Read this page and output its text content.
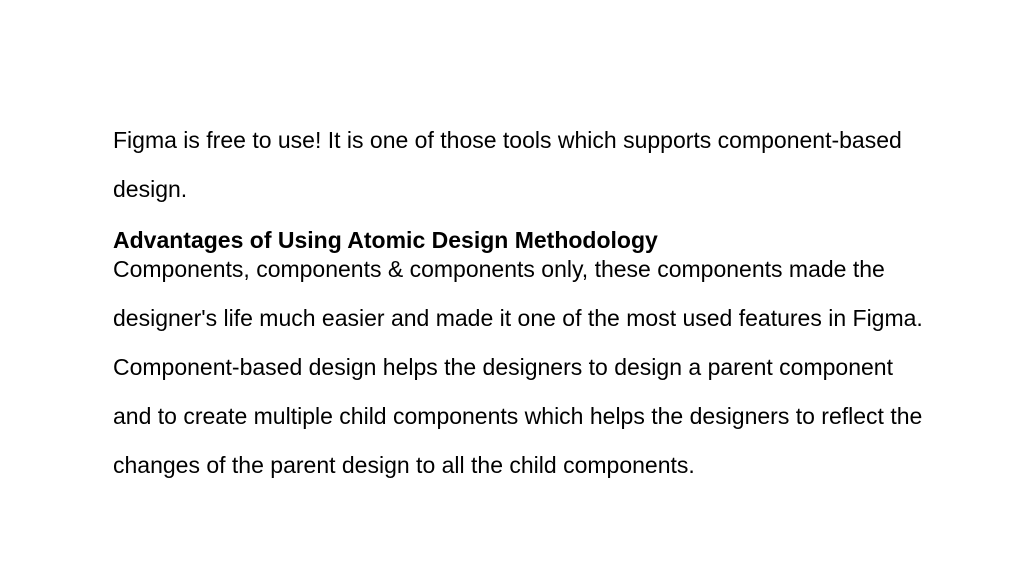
Figma is free to use! It is one of those tools which supports component-based
design.

Advantages of Using Atomic Design Methodology

Components, components & components only, these components made the
designer's life much easier and made it one of the most used features in Figma.
Component-based design helps the designers to design a parent component
and to create multiple child components which helps the designers to reflect the
changes of the parent design to all the child components.
